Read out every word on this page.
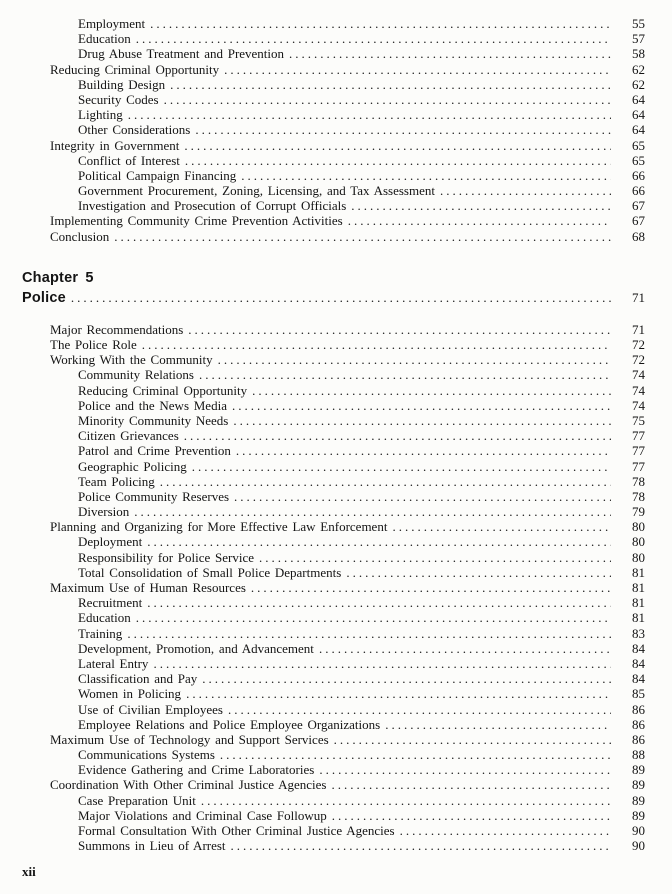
Employment .....	55
Education .....	57
Drug Abuse Treatment and Prevention .....	58
Reducing Criminal Opportunity .....	62
Building Design .....	62
Security Codes .....	64
Lighting .....	64
Other Considerations .....	64
Integrity in Government .....	65
Conflict of Interest .....	65
Political Campaign Financing .....	66
Government Procurement, Zoning, Licensing, and Tax Assessment .....	66
Investigation and Prosecution of Corrupt Officials .....	67
Implementing Community Crime Prevention Activities .....	67
Conclusion .....	68
Chapter 5
Police .....	71
Major Recommendations .....	71
The Police Role .....	72
Working With the Community .....	72
Community Relations .....	74
Reducing Criminal Opportunity .....	74
Police and the News Media .....	74
Minority Community Needs .....	75
Citizen Grievances .....	77
Patrol and Crime Prevention .....	77
Geographic Policing .....	77
Team Policing .....	78
Police Community Reserves .....	78
Diversion .....	79
Planning and Organizing for More Effective Law Enforcement .....	80
Deployment .....	80
Responsibility for Police Service .....	80
Total Consolidation of Small Police Departments .....	81
Maximum Use of Human Resources .....	81
Recruitment .....	81
Education .....	81
Training .....	83
Development, Promotion, and Advancement .....	84
Lateral Entry .....	84
Classification and Pay .....	84
Women in Policing .....	85
Use of Civilian Employees .....	86
Employee Relations and Police Employee Organizations .....	86
Maximum Use of Technology and Support Services .....	86
Communications Systems .....	88
Evidence Gathering and Crime Laboratories .....	89
Coordination With Other Criminal Justice Agencies .....	89
Case Preparation Unit .....	89
Major Violations and Criminal Case Followup .....	89
Formal Consultation With Other Criminal Justice Agencies .....	90
Summons in Lieu of Arrest .....	90
xii
